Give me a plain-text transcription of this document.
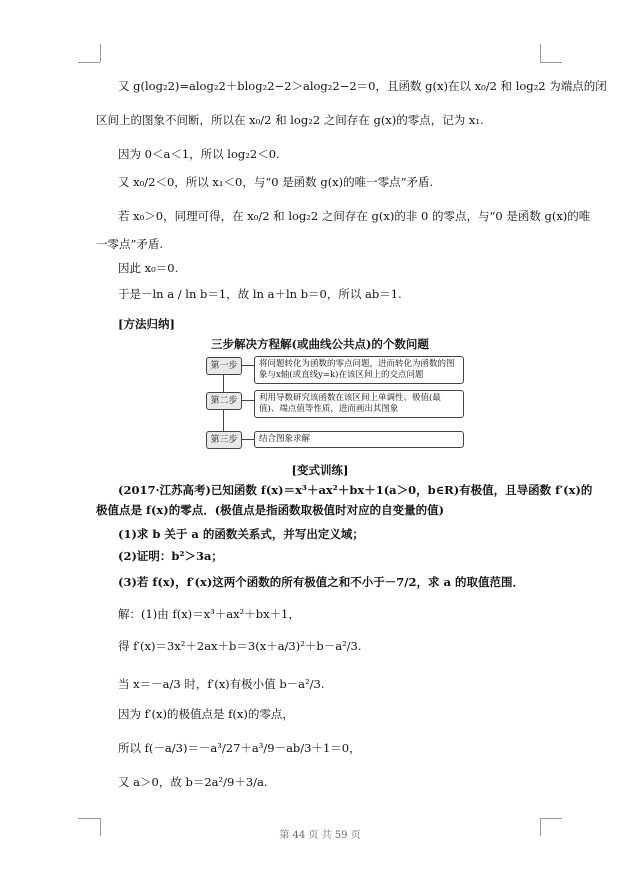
又 g(log₂2)=alog₂2＋blog₂2−2＞alog₂2−2＝0，且函数 g(x)在以 x₀/2 和 log₂2 为端点的闭
区间上的图象不间断，所以在 x₀/2 和 log₂2 之间存在 g(x)的零点，记为 x₁.
因为 0＜a＜1，所以 log₂2＜0.
又 x₀/2＜0，所以 x₁＜0，与“0 是函数 g(x)的唯一零点”矛盾.
若 x₀＞0，同理可得，在 x₀/2 和 log₂2 之间存在 g(x)的非 0 的零点，与“0 是函数 g(x)的唯
一零点”矛盾.
因此 x₀＝0.
于是－ln a / ln b＝1，故 ln a＋ln b＝0，所以 ab＝1.
[方法归纳]
三步解决方程解(或曲线公共点)的个数问题
第一步	将问题转化为函数的零点问题，进而转化为函数的图象与x轴(或直线y=k)在该区间上的交点问题
第二步	利用导数研究该函数在该区间上单调性、极值(最值)、端点值等性质，进而画出其图象
第三步	结合图象求解
[变式训练]
(2017·江苏高考)已知函数 f(x)＝x³＋ax²＋bx＋1(a＞0，b∈R)有极值，且导函数 f′(x)的
极值点是 f(x)的零点．(极值点是指函数取极值时对应的自变量的值)
(1)求 b 关于 a 的函数关系式，并写出定义域；
(2)证明：b²＞3a；
(3)若 f(x)，f′(x)这两个函数的所有极值之和不小于－7/2，求 a 的取值范围．
解：(1)由 f(x)＝x³＋ax²＋bx＋1，
得 f′(x)＝3x²＋2ax＋b＝3(x＋a/3)²＋b－a²/3.
当 x＝－a/3 时，f′(x)有极小值 b－a²/3.
因为 f′(x)的极值点是 f(x)的零点，
所以 f(－a/3)＝－a³/27＋a³/9－ab/3＋1＝0，
又 a＞0，故 b＝2a²/9＋3/a.
第 44 页 共 59 页
